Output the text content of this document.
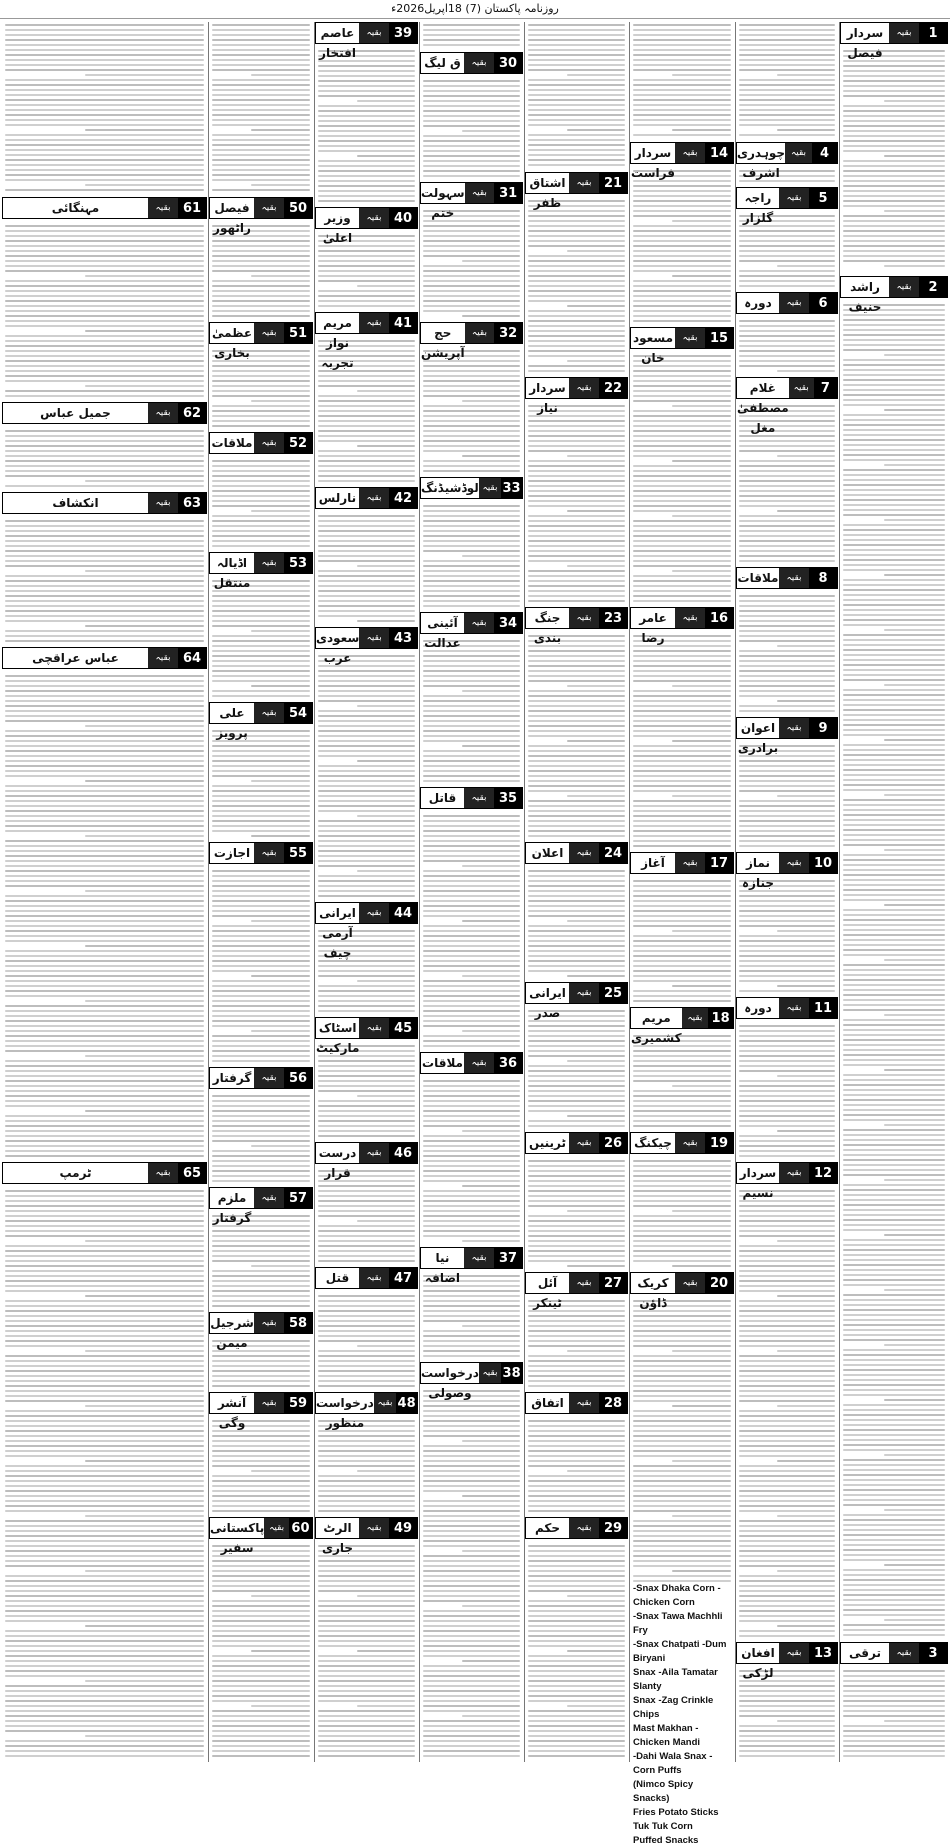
روزنامہ پاکستان (7) 18اپریل2026ء
1
بقیہ
سردار فیصل
2
بقیہ
راشد حنیف
3
بقیہ
ترقی
4
بقیہ
چوہدری اشرف
5
بقیہ
راجہ گلزار
6
بقیہ
دورہ
7
بقیہ
غلام مصطفیٰ مغل
8
بقیہ
ملاقات
9
بقیہ
اعوان برادری
10
بقیہ
نماز جنازہ
11
بقیہ
دورہ
12
بقیہ
سردار نسیم
13
بقیہ
افغان لڑکی
14
بقیہ
سردار فراست
15
بقیہ
مسعود خان
16
بقیہ
عامر رضا
17
بقیہ
آغاز
18
بقیہ
مریم کشمیری
19
بقیہ
چیکنگ
20
بقیہ
کریک ڈاؤن
-Snax Dhaka Corn -Chicken Corn
-Snax Tawa Machhli Fry
-Snax Chatpati -Dum Biryani
Snax -Aila Tamatar Slanty
Snax -Zag Crinkle Chips
Mast Makhan -Chicken Mandi
-Dahi Wala Snax -Corn Puffs
(Nimco Spicy Snacks)
Fries Potato Sticks
Tuk Tuk Corn
Puffed Snacks
21
بقیہ
اشتاق ظفر
22
بقیہ
سردار نیاز
23
بقیہ
جنگ بندی
24
بقیہ
اعلان
25
بقیہ
ایرانی صدر
26
بقیہ
ٹرینیں
27
بقیہ
آئل ٹینکر
28
بقیہ
اتفاق
29
بقیہ
حکم
30
بقیہ
ق لیگ
31
بقیہ
سہولت ختم
32
بقیہ
حج آپریشن
33
بقیہ
لوڈشیڈنگ
34
بقیہ
آئینی عدالت
35
بقیہ
قاتل
36
بقیہ
ملاقات
37
بقیہ
نیا اضافہ
38
بقیہ
درخواست وصولی
39
بقیہ
عاصم افتخار
40
بقیہ
وزیر اعلیٰ
41
بقیہ
مریم نواز تجربہ
42
بقیہ
نارلس
43
بقیہ
سعودی عرب
44
بقیہ
ایرانی آرمی چیف
45
بقیہ
اسٹاک مارکیٹ
46
بقیہ
درست قرار
47
بقیہ
قتل
48
بقیہ
درخواست منظور
49
بقیہ
الرٹ جاری
50
بقیہ
فیصل راٹھور
51
بقیہ
عظمیٰ بخاری
52
بقیہ
ملاقات
53
بقیہ
اڈیالہ منتقل
54
بقیہ
علی پرویز
55
بقیہ
اجازت
56
بقیہ
گرفتار
57
بقیہ
ملزم گرفتار
58
بقیہ
شرجیل میمن
59
بقیہ
آنشر وگی
60
بقیہ
پاکستانی سفیر
61
بقیہ
مہنگائی
62
بقیہ
جمیل عباس
63
بقیہ
انکشاف
64
بقیہ
عباس عراقچی
65
بقیہ
ٹرمپ
